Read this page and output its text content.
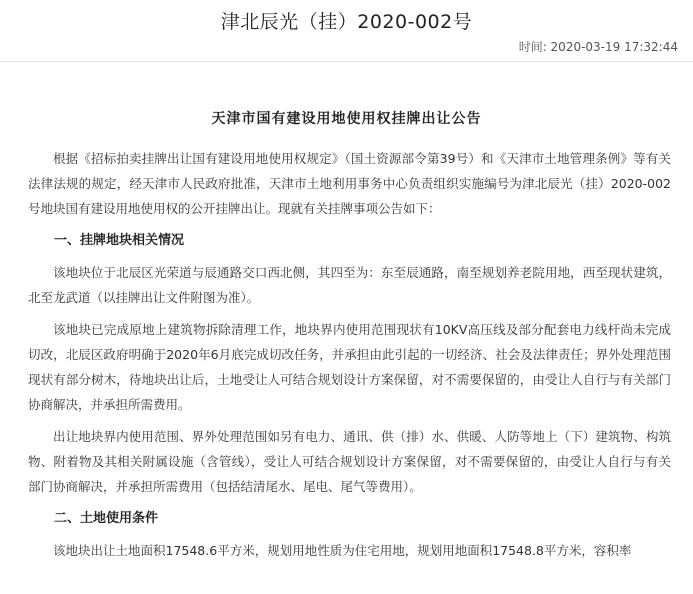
津北辰光（挂）2020-002号
时间: 2020-03-19 17:32:44
天津市国有建设用地使用权挂牌出让公告

根据《招标拍卖挂牌出让国有建设用地使用权规定》（国土资源部令第39号）和《天津市土地管理条例》等有关法律法规的规定，经天津市人民政府批准，天津市土地利用事务中心负责组织实施编号为津北辰光（挂）2020-002号地块国有建设用地使用权的公开挂牌出让。现就有关挂牌事项公告如下：

一、挂牌地块相关情况

该地块位于北辰区光荣道与辰通路交口西北侧，其四至为：东至辰通路，南至规划养老院用地，西至现状建筑，北至龙武道（以挂牌出让文件附图为准）。

该地块已完成原地上建筑物拆除清理工作，地块界内使用范围现状有10KV高压线及部分配套电力线杆尚未完成切改，北辰区政府明确于2020年6月底完成切改任务，并承担由此引起的一切经济、社会及法律责任；界外处理范围现状有部分树木，待地块出让后，土地受让人可结合规划设计方案保留，对不需要保留的，由受让人自行与有关部门协商解决，并承担所需费用。

出让地块界内使用范围、界外处理范围如另有电力、通讯、供（排）水、供暖、人防等地上（下）建筑物、构筑物、附着物及其相关附属设施（含管线），受让人可结合规划设计方案保留，对不需要保留的，由受让人自行与有关部门协商解决，并承担所需费用（包括结清尾水、尾电、尾气等费用）。

二、土地使用条件

该地块出让土地面积17548.6平方米，规划用地性质为住宅用地，规划用地面积17548.8平方米，容积率
